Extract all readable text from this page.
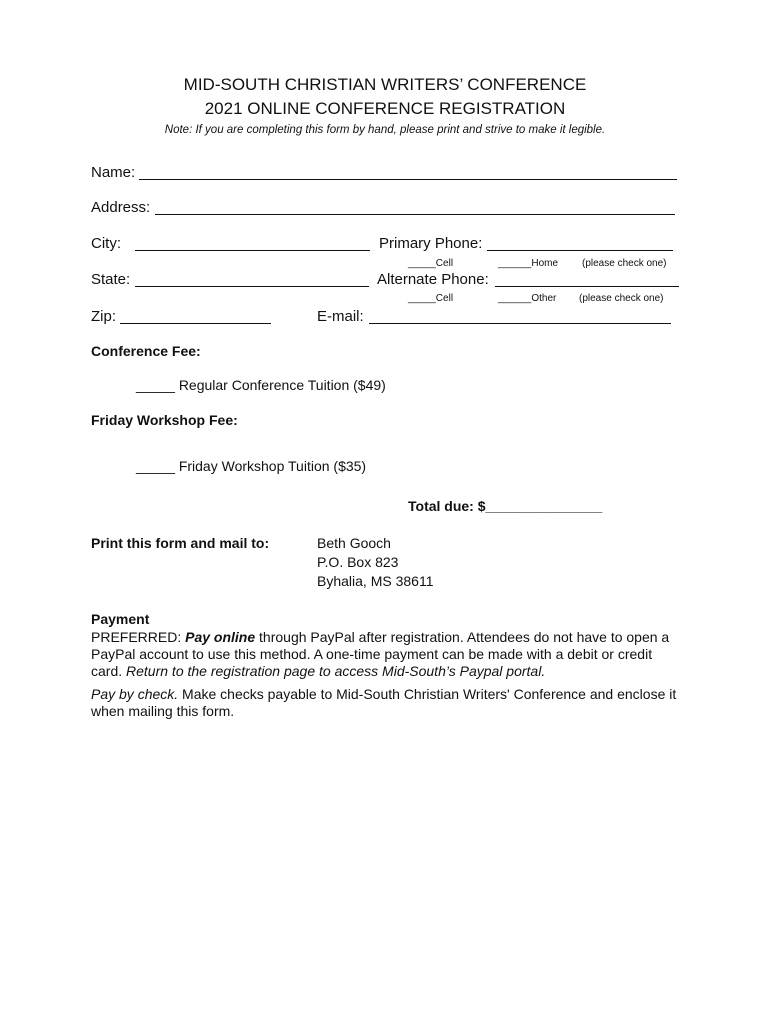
MID-SOUTH CHRISTIAN WRITERS’ CONFERENCE
2021 ONLINE CONFERENCE REGISTRATION
Note: If you are completing this form by hand, please print and strive to make it legible.
Name:
Address:
City:	Primary Phone:
_____Cell	______Home (please check one)
State:	Alternate Phone:
_____Cell	______Other (please check one)
Zip:	E-mail:
Conference Fee:
_____ Regular Conference Tuition ($49)
Friday Workshop Fee:
_____ Friday Workshop Tuition ($35)
Total due: $_______________
Print this form and mail to:	Beth Gooch
P.O. Box 823
Byhalia, MS 38611
Payment
PREFERRED: Pay online through PayPal after registration. Attendees do not have to open a PayPal account to use this method. A one-time payment can be made with a debit or credit card. Return to the registration page to access Mid-South’s Paypal portal.
Pay by check. Make checks payable to Mid-South Christian Writers' Conference and enclose it when mailing this form.
